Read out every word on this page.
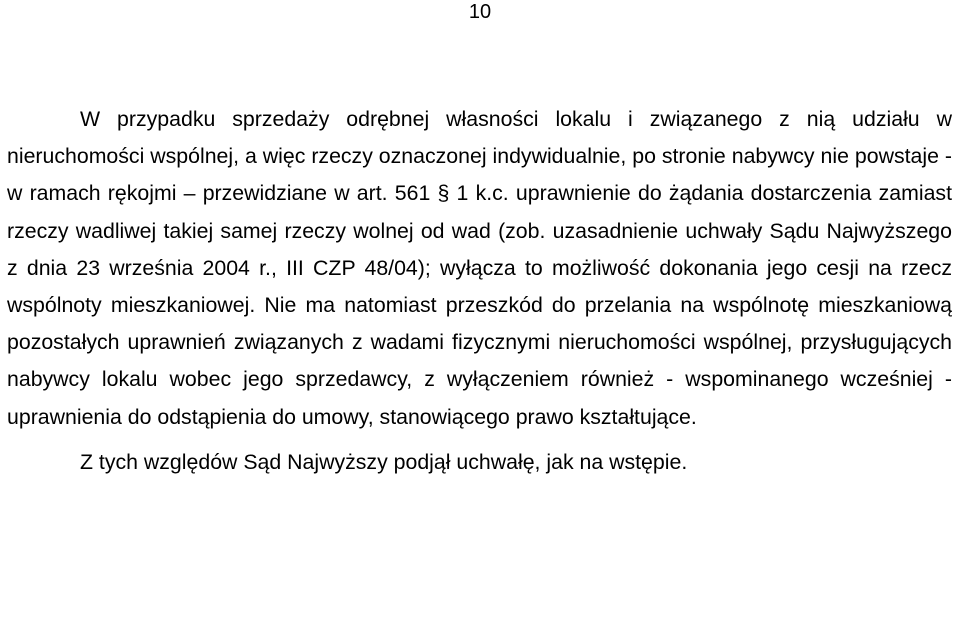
10

W przypadku sprzedaży odrębnej własności lokalu i związanego z nią udziału w nieruchomości wspólnej, a więc rzeczy oznaczonej indywidualnie, po stronie nabywcy nie powstaje - w ramach rękojmi – przewidziane w art. 561 § 1 k.c. uprawnienie do żądania dostarczenia zamiast rzeczy wadliwej takiej samej rzeczy wolnej od wad (zob. uzasadnienie uchwały Sądu Najwyższego z dnia 23 września 2004 r., III CZP 48/04); wyłącza to możliwość dokonania jego cesji na rzecz wspólnoty mieszkaniowej. Nie ma natomiast przeszkód do przelania na wspólnotę mieszkaniową pozostałych uprawnień związanych z wadami fizycznymi nieruchomości wspólnej, przysługujących nabywcy lokalu wobec jego sprzedawcy, z wyłączeniem również - wspominanego wcześniej - uprawnienia do odstąpienia do umowy, stanowiącego prawo kształtujące.

Z tych względów Sąd Najwyższy podjął uchwałę, jak na wstępie.
